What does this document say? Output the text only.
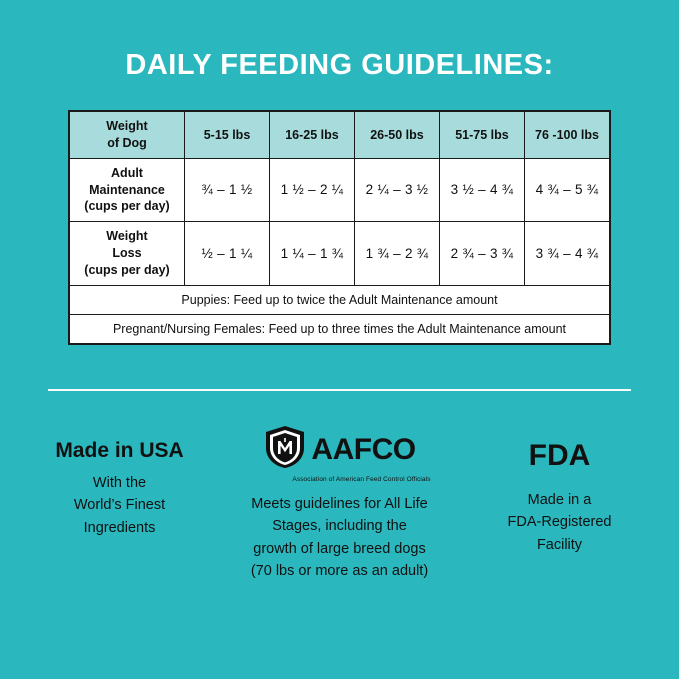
DAILY FEEDING GUIDELINES:
Weight
of Dog	5-15 lbs	16-25 lbs	26-50 lbs	51-75 lbs	76 -100 lbs

Adult
Maintenance
(cups per day)	¾ – 1 ½	1 ½ – 2 ¼	2 ¼ – 3 ½	3 ½ – 4 ¾	4 ¾ – 5 ¾

Weight
Loss
(cups per day)	½ – 1 ¼	1 ¼ – 1 ¾	1 ¾ – 2 ¾	2 ¾ – 3 ¾	3 ¾ – 4 ¾
Puppies: Feed up to twice the Adult Maintenance amount					
Pregnant/Nursing Females: Feed up to three times the Adult Maintenance amount					
Made in USA
With the
World’s Finest
Ingredients
AAFCO
Association of American Feed Control Officials
Meets guidelines for All Life
Stages, including the
growth of large breed dogs
(70 lbs or more as an adult)
FDA
Made in a
FDA-Registered
Facility
